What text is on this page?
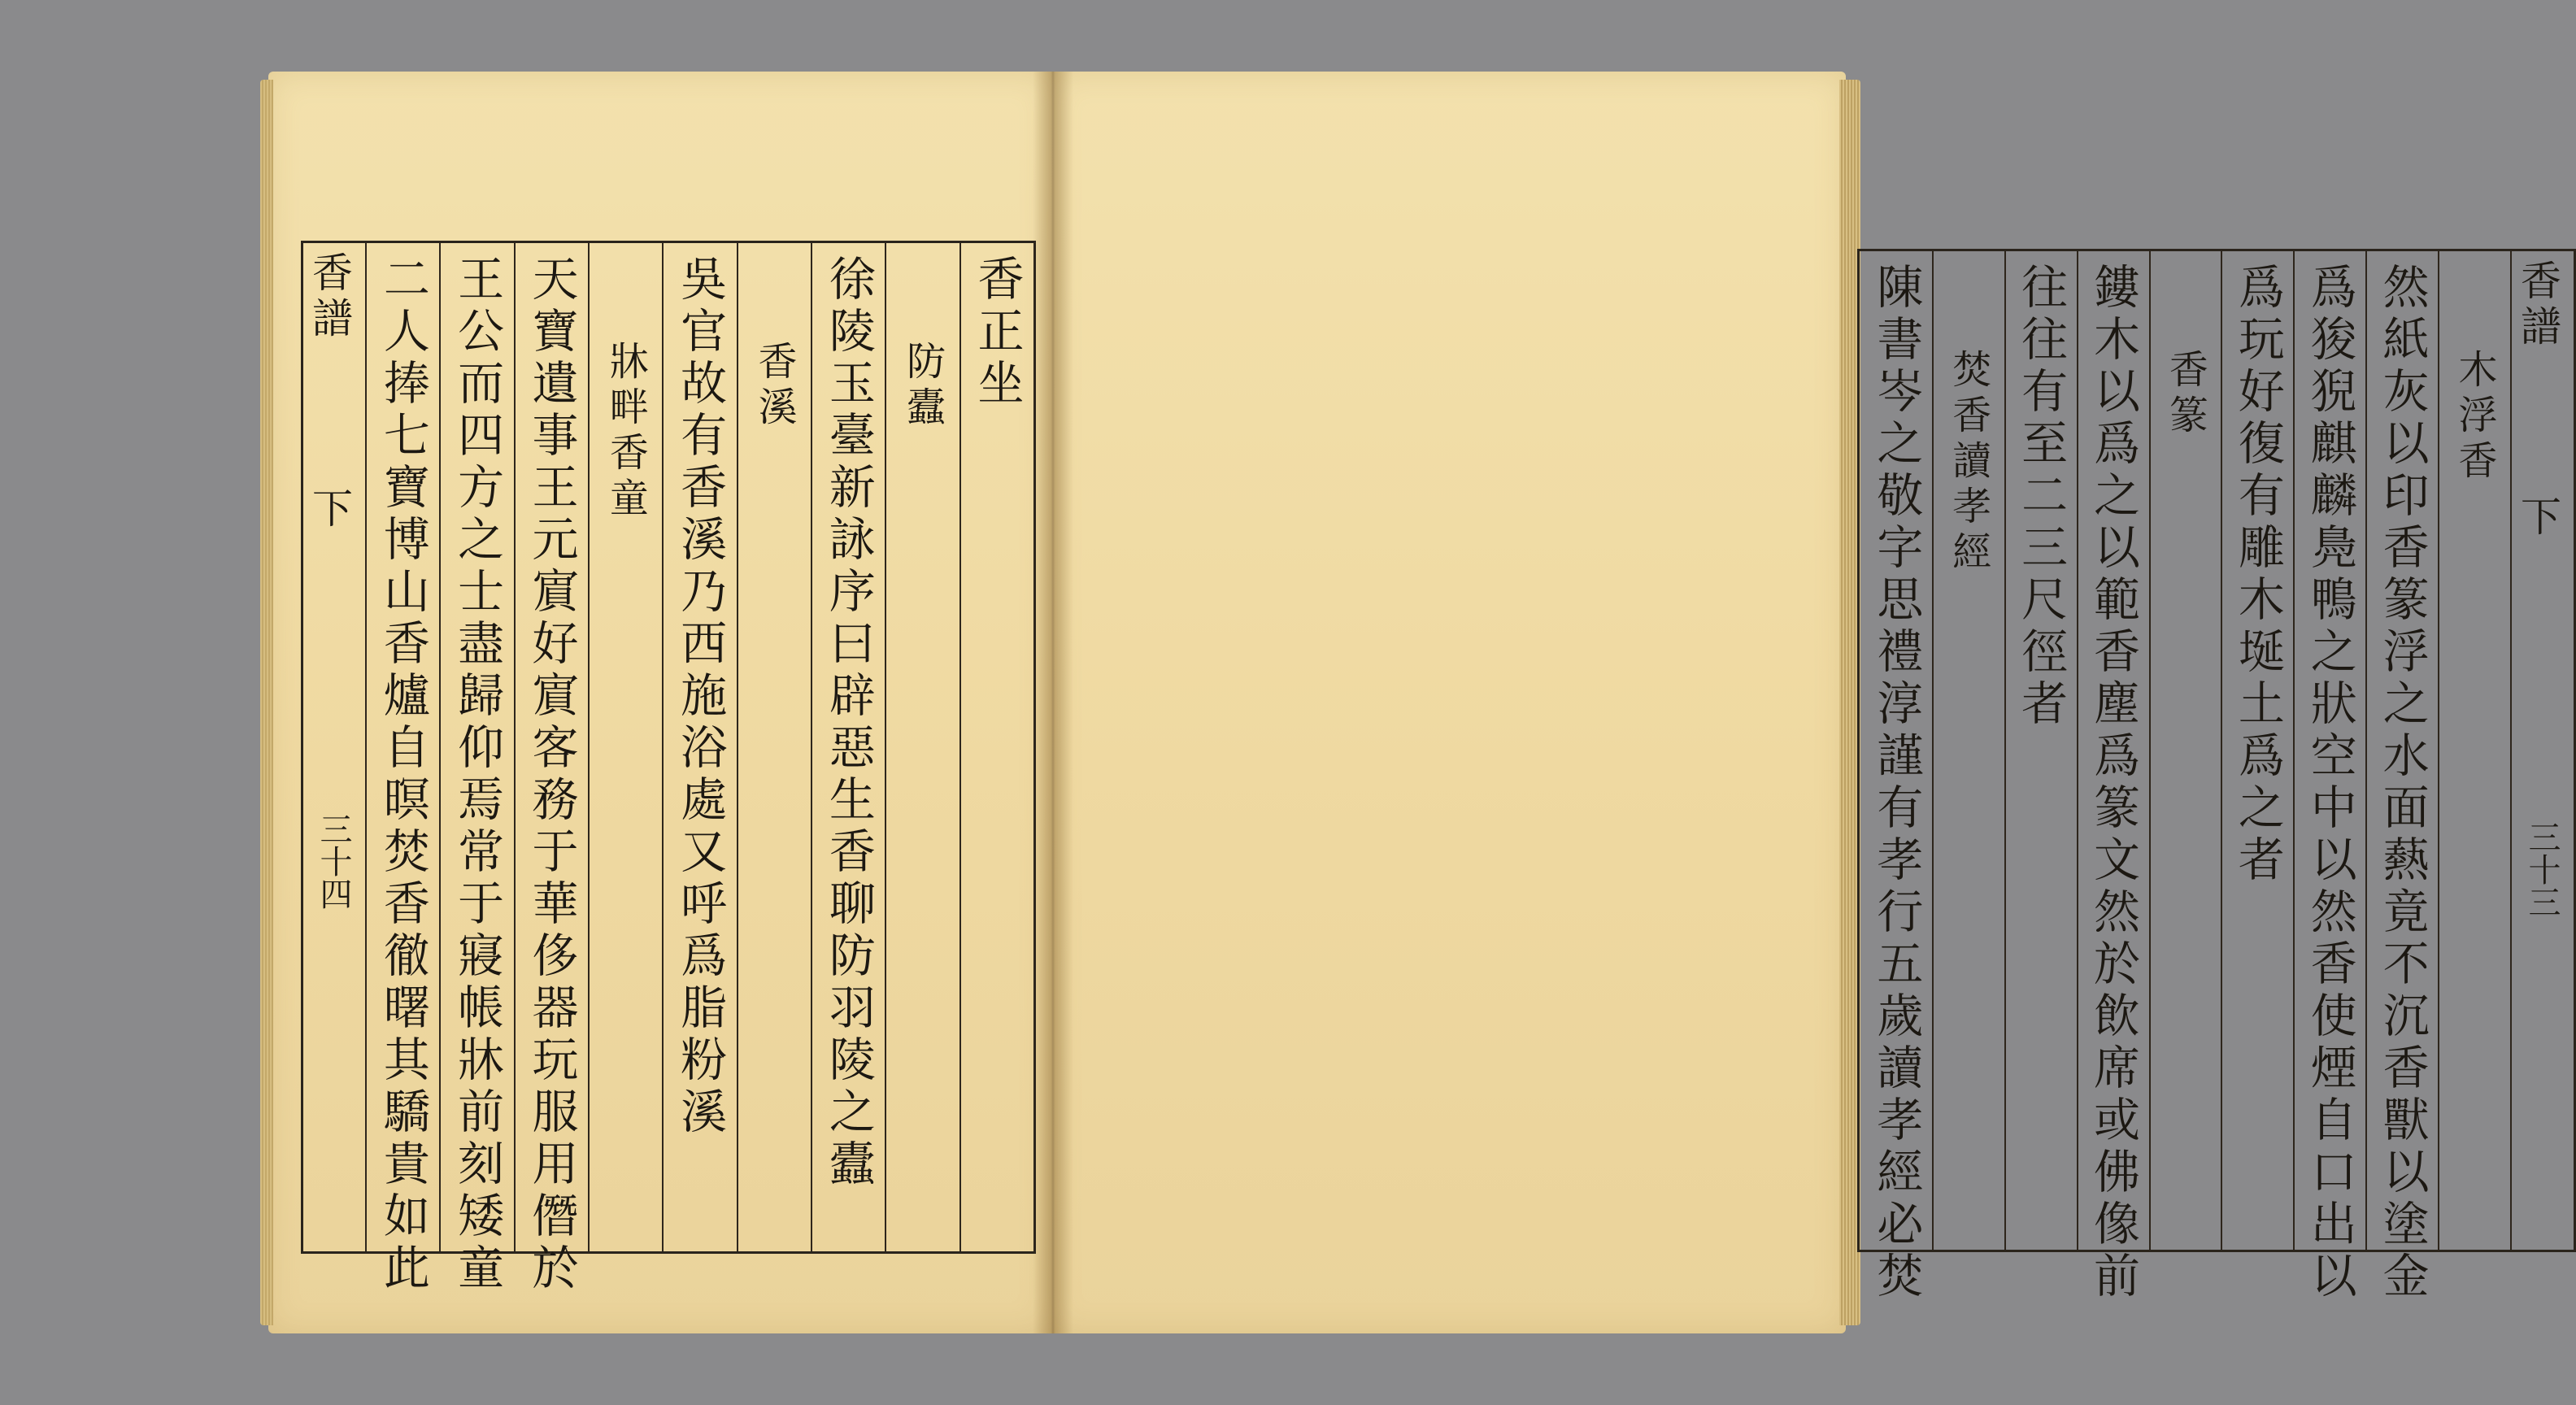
香譜
下
三十四 二人捧七寶博山香爐自暝焚香徹曙其驕貴如此 王公而四方之士盡歸仰焉常于寢帳牀前刻矮童 天寶遺事王元賔好賔客務于華侈器玩服用僭於 牀畔香童 吳官故有香溪乃西施浴處又呼爲脂粉溪 香溪 徐陵玉臺新詠序曰辟惡生香聊防羽陵之蠹 防蠹 香正坐	香譜
下
三十三
木浮香
然紙灰以印香篆浮之水面爇竟不沉香獸以塗金
爲狻猊麒麟鳧鴨之狀空中以然香使煙自口出以
爲玩好復有雕木埏土爲之者
香篆
鏤木以爲之以範香塵爲篆文然於飲席或佛像前
往往有至二三尺徑者
焚香讀孝經
陳書岑之敬字思禮淳謹有孝行五歲讀孝經必焚
